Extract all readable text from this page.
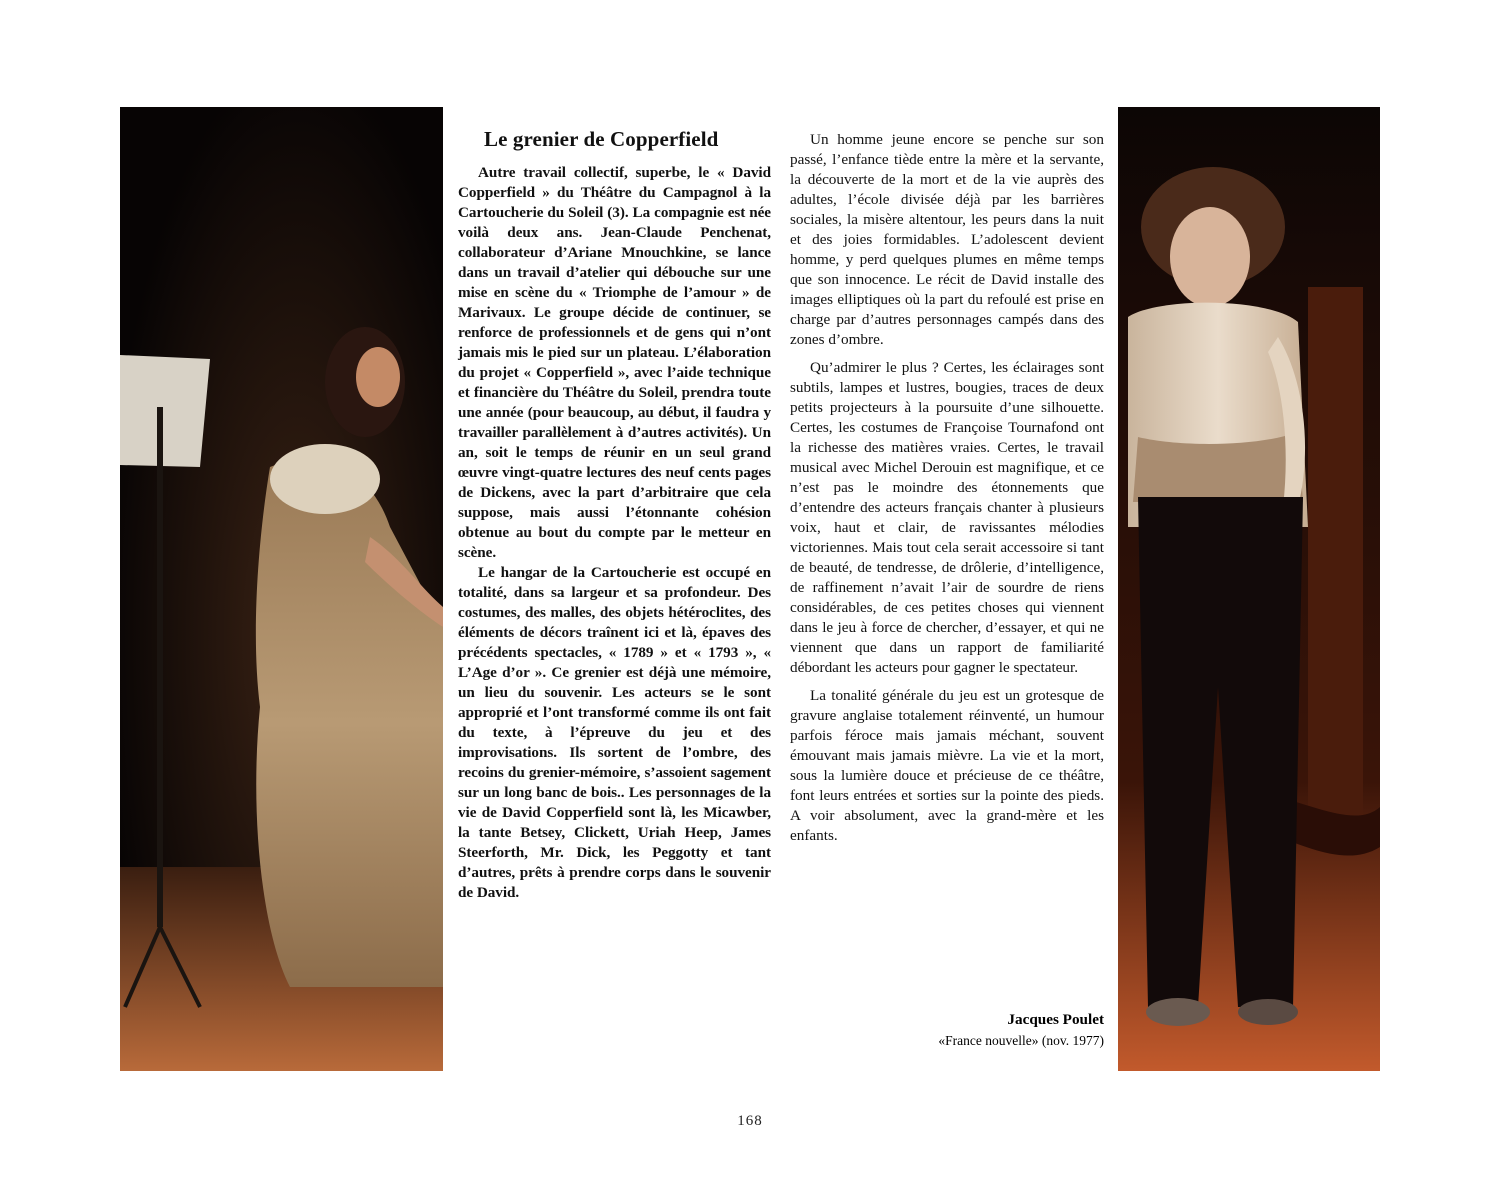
Le grenier de Copperfield

Autre travail collectif, superbe, le « David Copperfield » du Théâtre du Campagnol à la Cartoucherie du Soleil (3). La compagnie est née voilà deux ans. Jean-Claude Penchenat, collaborateur d’Ariane Mnouchkine, se lance dans un travail d’atelier qui débouche sur une mise en scène du « Triomphe de l’amour » de Marivaux. Le groupe décide de continuer, se renforce de professionnels et de gens qui n’ont jamais mis le pied sur un plateau. L’élaboration du projet « Copperfield », avec l’aide technique et financière du Théâtre du Soleil, prendra toute une année (pour beaucoup, au début, il faudra y travailler parallèlement à d’autres activités). Un an, soit le temps de réunir en un seul grand œuvre vingt-quatre lectures des neuf cents pages de Dickens, avec la part d’arbitraire que cela suppose, mais aussi l’étonnante cohésion obtenue au bout du compte par le metteur en scène.

Le hangar de la Cartoucherie est occupé en totalité, dans sa largeur et sa profondeur. Des costumes, des malles, des objets hétéroclites, des éléments de décors traînent ici et là, épaves des précédents spectacles, « 1789 » et « 1793 », « L’Age d’or ». Ce grenier est déjà une mémoire, un lieu du souvenir. Les acteurs se le sont approprié et l’ont transformé comme ils ont fait du texte, à l’épreuve du jeu et des improvisations. Ils sortent de l’ombre, des recoins du grenier-mémoire, s’assoient sagement sur un long banc de bois.. Les personnages de la vie de David Copperfield sont là, les Micawber, la tante Betsey, Clickett, Uriah Heep, James Steerforth, Mr. Dick, les Peggotty et tant d’autres, prêts à prendre corps dans le souvenir de David.

Un homme jeune encore se penche sur son passé, l’enfance tiède entre la mère et la servante, la découverte de la mort et de la vie auprès des adultes, l’école divisée déjà par les barrières sociales, la misère altentour, les peurs dans la nuit et des joies formidables. L’adolescent devient homme, y perd quelques plumes en même temps que son innocence. Le récit de David installe des images elliptiques où la part du refoulé est prise en charge par d’autres personnages campés dans des zones d’ombre.

Qu’admirer le plus ? Certes, les éclairages sont subtils, lampes et lustres, bougies, traces de deux petits projecteurs à la poursuite d’une silhouette. Certes, les costumes de Françoise Tournafond ont la richesse des matières vraies. Certes, le travail musical avec Michel Derouin est magnifique, et ce n’est pas le moindre des étonnements que d’entendre des acteurs français chanter à plusieurs voix, haut et clair, de ravissantes mélodies victoriennes. Mais tout cela serait accessoire si tant de beauté, de tendresse, de drôlerie, d’intelligence, de raffinement n’avait l’air de sourdre de riens considérables, de ces petites choses qui viennent dans le jeu à force de chercher, d’essayer, et qui ne viennent que dans un rapport de familiarité débordant les acteurs pour gagner le spectateur.

La tonalité générale du jeu est un grotesque de gravure anglaise totalement réinventé, un humour parfois féroce mais jamais méchant, souvent émouvant mais jamais mièvre. La vie et la mort, sous la lumière douce et précieuse de ce théâtre, font leurs entrées et sorties sur la pointe des pieds. A voir absolument, avec la grand-mère et les enfants.

Jacques Poulet
«France nouvelle» (nov. 1977)
168
